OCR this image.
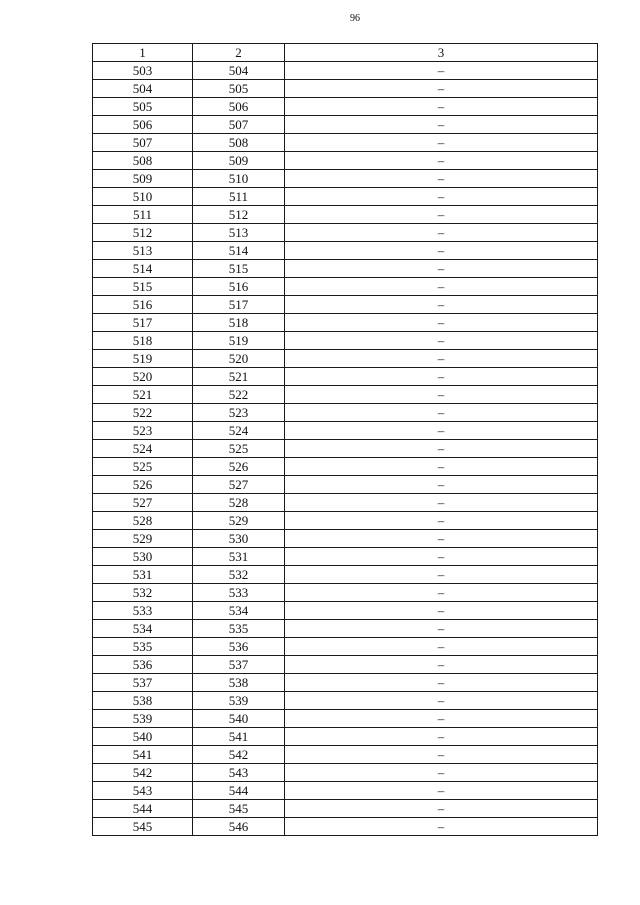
96
1	2	3
503	504	–
504	505	–
505	506	–
506	507	–
507	508	–
508	509	–
509	510	–
510	511	–
511	512	–
512	513	–
513	514	–
514	515	–
515	516	–
516	517	–
517	518	–
518	519	–
519	520	–
520	521	–
521	522	–
522	523	–
523	524	–
524	525	–
525	526	–
526	527	–
527	528	–
528	529	–
529	530	–
530	531	–
531	532	–
532	533	–
533	534	–
534	535	–
535	536	–
536	537	–
537	538	–
538	539	–
539	540	–
540	541	–
541	542	–
542	543	–
543	544	–
544	545	–
545	546	–
